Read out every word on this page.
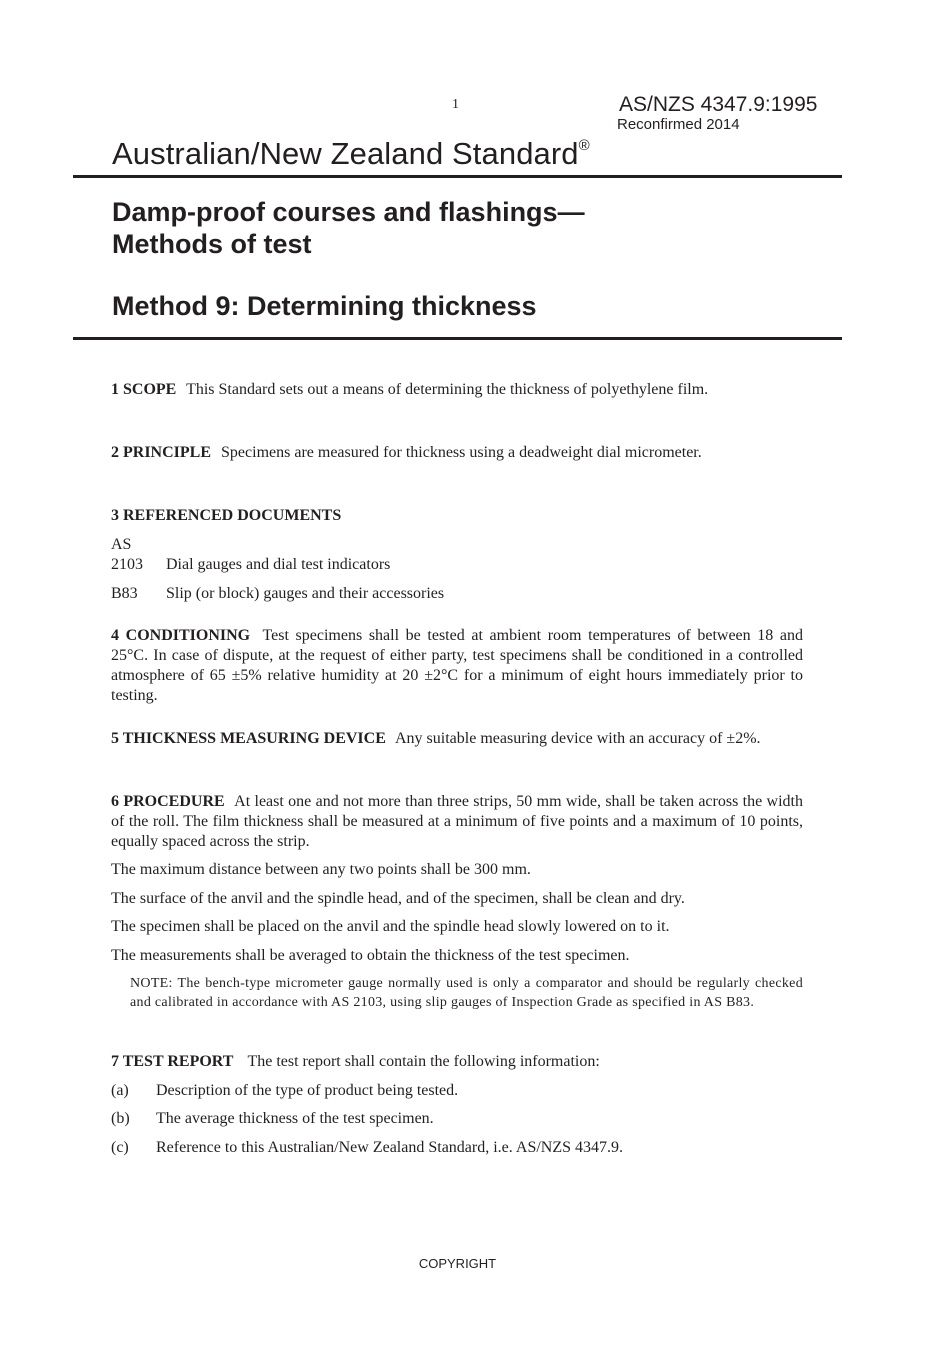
1	AS/NZS 4347.9:1995
Reconfirmed 2014
Australian/New Zealand Standard®
Damp-proof courses and flashings—
Methods of test
Method 9: Determining thickness
1 SCOPE This Standard sets out a means of determining the thickness of polyethylene film.
2 PRINCIPLE Specimens are measured for thickness using a deadweight dial micrometer.
3 REFERENCED DOCUMENTS
AS
2103 Dial gauges and dial test indicators
B83 Slip (or block) gauges and their accessories
4 CONDITIONING Test specimens shall be tested at ambient room temperatures of between 18 and 25°C. In case of dispute, at the request of either party, test specimens shall be conditioned in a controlled atmosphere of 65 ±5% relative humidity at 20 ±2°C for a minimum of eight hours immediately prior to testing.
5 THICKNESS MEASURING DEVICE Any suitable measuring device with an accuracy of ±2%.
6 PROCEDURE At least one and not more than three strips, 50 mm wide, shall be taken across the width of the roll. The film thickness shall be measured at a minimum of five points and a maximum of 10 points, equally spaced across the strip.
The maximum distance between any two points shall be 300 mm.
The surface of the anvil and the spindle head, and of the specimen, shall be clean and dry.
The specimen shall be placed on the anvil and the spindle head slowly lowered on to it.
The measurements shall be averaged to obtain the thickness of the test specimen.
NOTE: The bench-type micrometer gauge normally used is only a comparator and should be regularly checked and calibrated in accordance with AS 2103, using slip gauges of Inspection Grade as specified in AS B83.
7 TEST REPORT The test report shall contain the following information:
(a) Description of the type of product being tested.
(b) The average thickness of the test specimen.
(c) Reference to this Australian/New Zealand Standard, i.e. AS/NZS 4347.9.
COPYRIGHT
